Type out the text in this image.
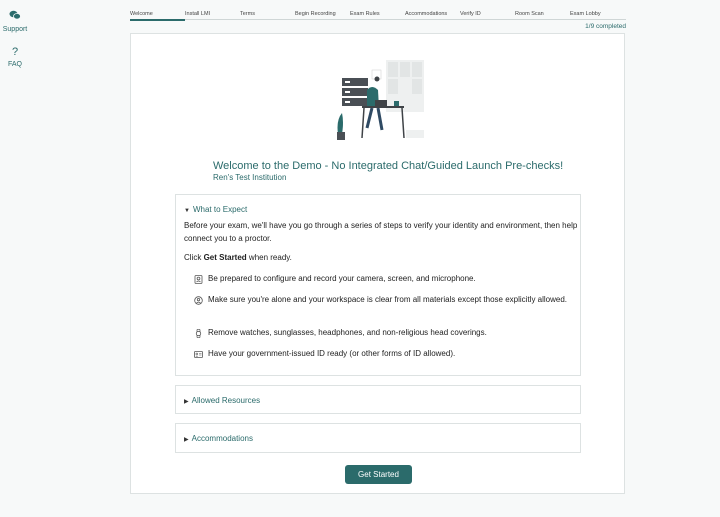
Support
?
FAQ
Welcome	Install LMI	Terms	Begin Recording	Exam Rules	Accommodations	Verify ID	Room Scan	Exam Lobby
1/9 completed
Welcome to the Demo - No Integrated Chat/Guided Launch Pre-checks!
Ren's Test Institution
▼ What to Expect
Before your exam, we'll have you go through a series of steps to verify your identity and environment, then help connect you to a proctor.
Click Get Started when ready.
Be prepared to configure and record your camera, screen, and microphone.
Make sure you're alone and your workspace is clear from all materials except those explicitly allowed.
Remove watches, sunglasses, headphones, and non-religious head coverings.
Have your government-issued ID ready (or other forms of ID allowed).
▶ Allowed Resources
▶ Accommodations
Get Started
